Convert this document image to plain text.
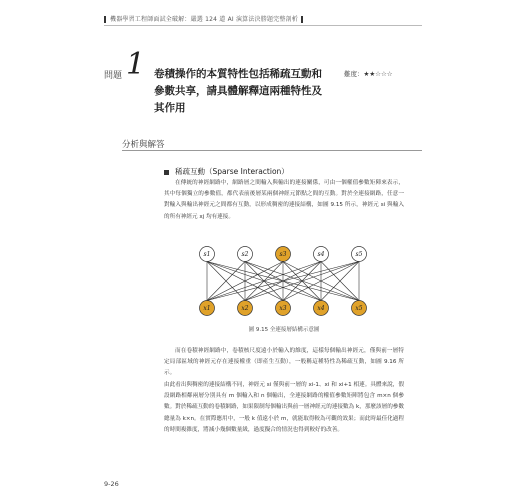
機器學習工程師面試全破解：嚴選 124 道 AI 演算法決勝題完整剖析
問題 1 卷積操作的本質特性包括稀疏互動和參數共享，請具體解釋這兩種特性及其作用
難度：★★☆☆☆
分析與解答
稀疏互動（Sparse Interaction）
在傳統的神經網路中，網路層之間輸入與輸出的連接關係，可由一個權值參數矩陣來表示，其中每個獨立的參數值，都代表前後層某兩個神經元節點之間的互動。對於全連接網路，任意一對輸入與輸出神經元之間都有互動，以形成稠密的連接結構，如圖 9.15 所示，神經元 si 與輸入的所有神經元 xj 均有連接。
s1	s2	s3	s4	s5
x1	x2	x3	x4	x5
圖 9.15 全連接層結構示意圖
而在卷積神經網路中，卷積核尺度遠小於輸入的維度，這樣每個輸出神經元，僅與前一層特定局部區域的神經元存在連接權重（即產生互動），一般稱這種特性為稀疏互動，如圖 9.16 所示。
由此看出與稠密的連接結構不同，神經元 si 僅與前一層的 xi-1、xi 和 xi+1 相連。具體來說，假設網路相鄰兩層分別具有 m 個輸入和 n 個輸出，全連接網路的權值參數矩陣將包含 m×n 個參數。對於稀疏互動的卷積網路，如果限制每個輸出與前一層神經元的連接數為 k，那麼該層的參數總量為 k×n。在實際應用中，一般 k 值遠小於 m，就能取得較為可觀的效果；而此時最佳化過程的時間複雜度，將減小幾個數量級，過度擬合的情況也得到較好的改善。
9-26
